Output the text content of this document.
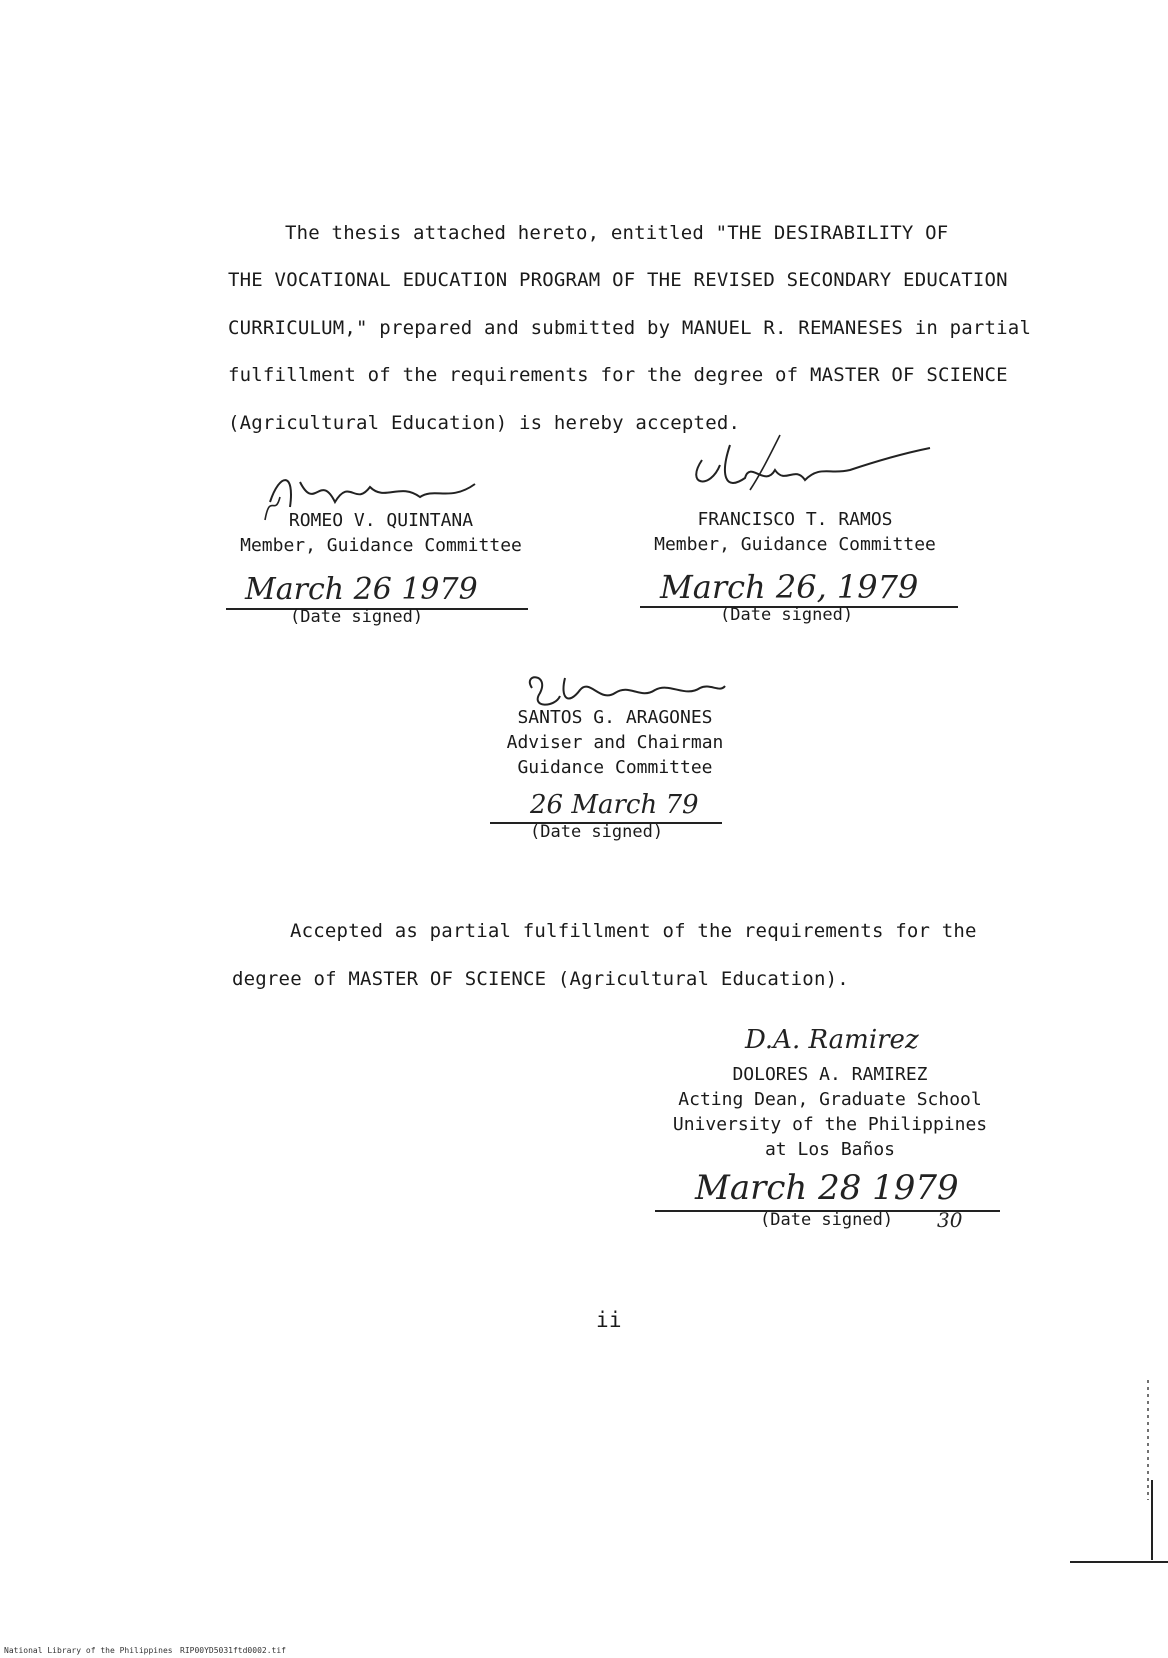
The thesis attached hereto, entitled "THE DESIRABILITY OF
THE VOCATIONAL EDUCATION PROGRAM OF THE REVISED SECONDARY EDUCATION
CURRICULUM," prepared and submitted by MANUEL R. REMANESES in partial
fulfillment of the requirements for the degree of MASTER OF SCIENCE
(Agricultural Education) is hereby accepted.
ROMEO V. QUINTANA
Member, Guidance Committee
March 26 1979
(Date signed)
FRANCISCO T. RAMOS
Member, Guidance Committee
March 26, 1979
(Date signed)
SANTOS G. ARAGONES
Adviser and Chairman
Guidance Committee
26 March 79
(Date signed)
Accepted as partial fulfillment of the requirements for the
degree of MASTER OF SCIENCE (Agricultural Education).
D.A. Ramirez
DOLORES A. RAMIREZ
Acting Dean, Graduate School
University of the Philippines
at Los Baños
March 28 1979
(Date signed) 30
ii
National Library of the Philippines RIP00YD5031ftd0002.tif
